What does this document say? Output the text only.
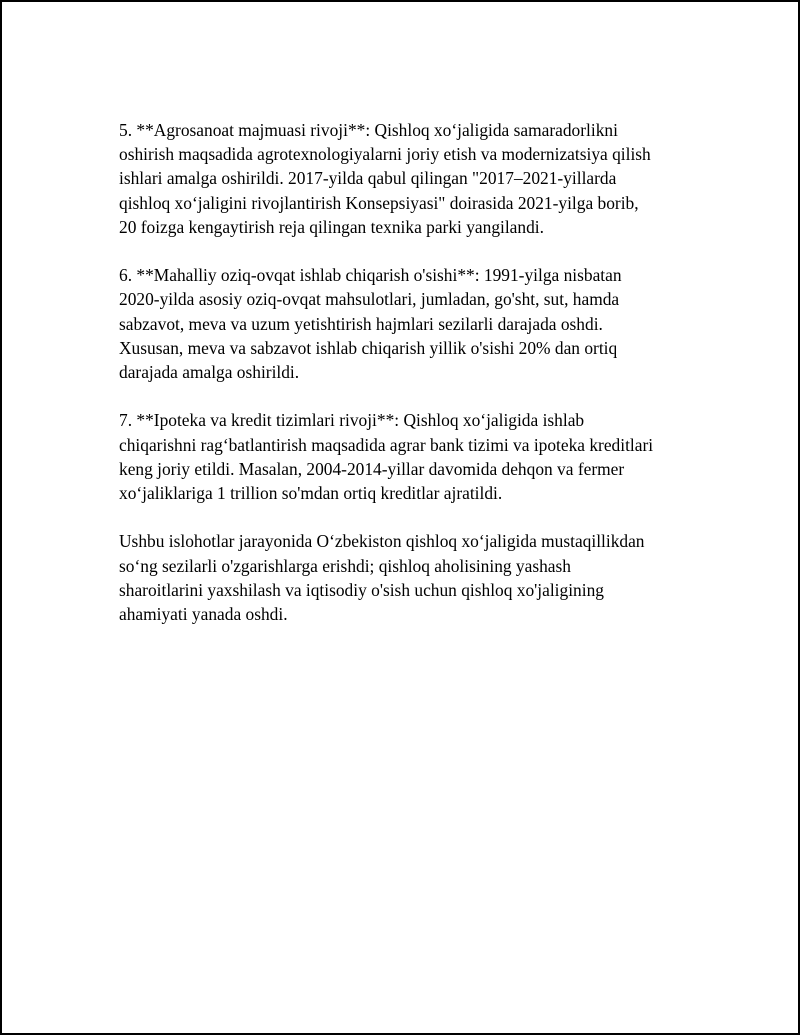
5. **Agrosanoat majmuasi rivoji**: Qishloq xo‘jaligida samaradorlikni
oshirish maqsadida agrotexnologiyalarni joriy etish va modernizatsiya qilish
ishlari amalga oshirildi. 2017-yilda qabul qilingan "2017–2021-yillarda
qishloq xo‘jaligini rivojlantirish Konsepsiyasi" doirasida 2021-yilga borib,
20 foizga kengaytirish reja qilingan texnika parki yangilandi.

6. **Mahalliy oziq-ovqat ishlab chiqarish o'sishi**: 1991-yilga nisbatan
2020-yilda asosiy oziq-ovqat mahsulotlari, jumladan, go'sht, sut, hamda
sabzavot, meva va uzum yetishtirish hajmlari sezilarli darajada oshdi.
Xususan, meva va sabzavot ishlab chiqarish yillik o'sishi 20% dan ortiq
darajada amalga oshirildi.

7. **Ipoteka va kredit tizimlari rivoji**: Qishloq xo‘jaligida ishlab
chiqarishni rag‘batlantirish maqsadida agrar bank tizimi va ipoteka kreditlari
keng joriy etildi. Masalan, 2004-2014-yillar davomida dehqon va fermer
xo‘jaliklariga 1 trillion so'mdan ortiq kreditlar ajratildi.

Ushbu islohotlar jarayonida O‘zbekiston qishloq xo‘jaligida mustaqillikdan
so‘ng sezilarli o'zgarishlarga erishdi; qishloq aholisining yashash
sharoitlarini yaxshilash va iqtisodiy o'sish uchun qishloq xo'jaligining
ahamiyati yanada oshdi.
